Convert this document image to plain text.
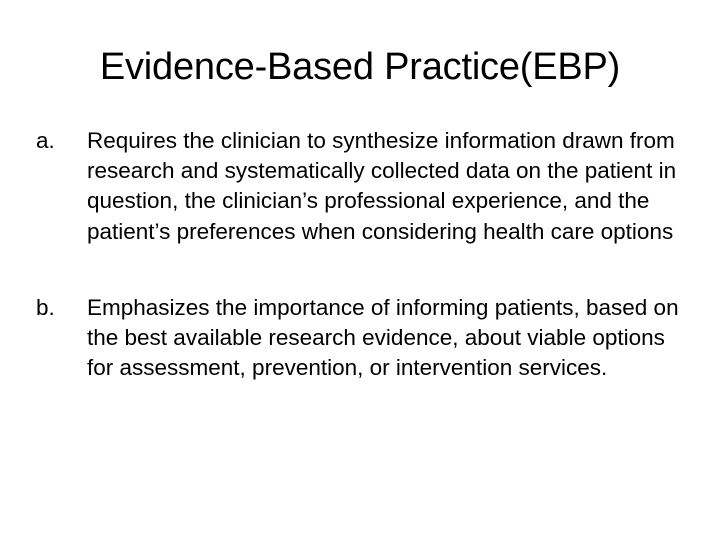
Evidence-Based Practice(EBP)
a. Requires the clinician to synthesize information drawn from research and systematically collected data on the patient in question, the clinician’s professional experience, and the patient’s preferences when considering health care options
b. Emphasizes the importance of informing patients, based on the best available research evidence, about viable options for assessment, prevention, or intervention services.
